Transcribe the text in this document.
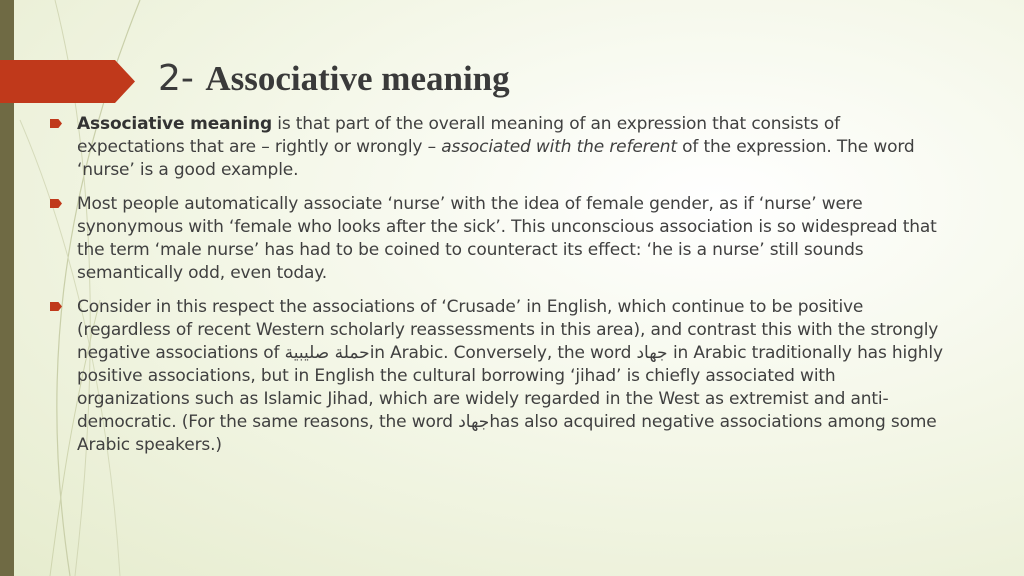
2- Associative meaning

Associative meaning is that part of the overall meaning of an expression that consists of expectations that are – rightly or wrongly – associated with the referent of the expression. The word ‘nurse’ is a good example.

Most people automatically associate ‘nurse’ with the idea of female gender, as if ‘nurse’ were synonymous with ‘female who looks after the sick’. This unconscious association is so widespread that the term ‘male nurse’ has had to be coined to counteract its effect: ‘he is a nurse’ still sounds semantically odd, even today.

Consider in this respect the associations of ‘Crusade’ in English, which continue to be positive (regardless of recent Western scholarly reassessments in this area), and contrast this with the strongly negative associations of حملة صليبيةin Arabic. Conversely, the word جهاد in Arabic traditionally has highly positive associations, but in English the cultural borrowing ‘jihad’ is chiefly associated with organizations such as Islamic Jihad, which are widely regarded in the West as extremist and anti-democratic. (For the same reasons, the word جهادhas also acquired negative associations among some Arabic speakers.)
